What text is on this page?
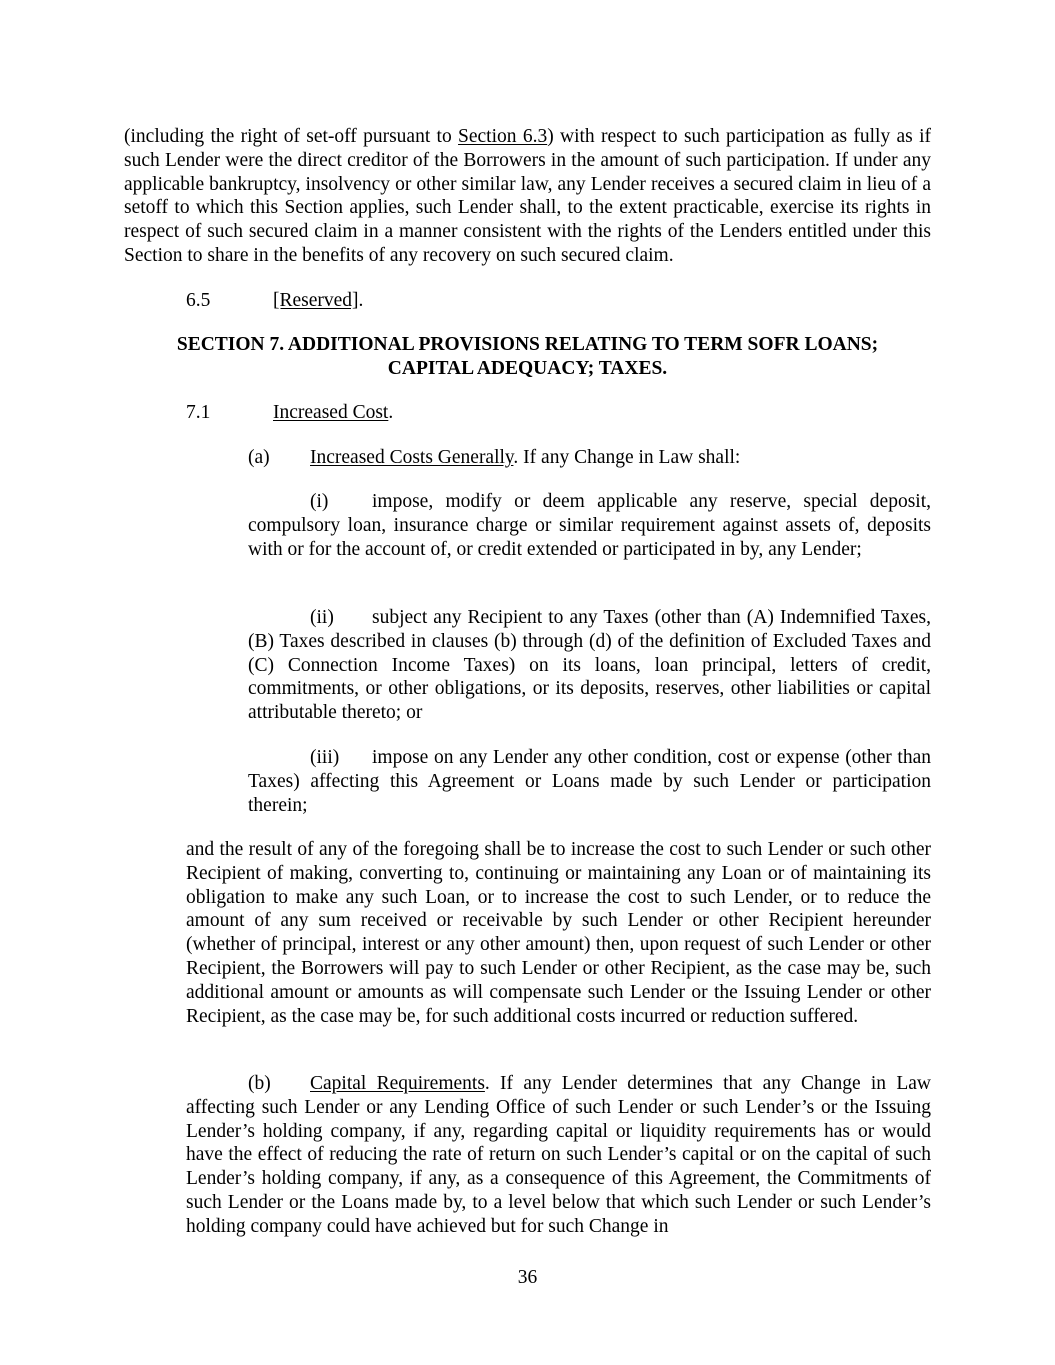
(including the right of set-off pursuant to Section 6.3) with respect to such participation as fully as if such Lender were the direct creditor of the Borrowers in the amount of such participation. If under any applicable bankruptcy, insolvency or other similar law, any Lender receives a secured claim in lieu of a setoff to which this Section applies, such Lender shall, to the extent practicable, exercise its rights in respect of such secured claim in a manner consistent with the rights of the Lenders entitled under this Section to share in the benefits of any recovery on such secured claim.

6.5	[Reserved].

SECTION 7. ADDITIONAL PROVISIONS RELATING TO TERM SOFR LOANS;

CAPITAL ADEQUACY; TAXES.

7.1	Increased Cost.

(a) Increased Costs Generally. If any Change in Law shall:

(i) impose, modify or deem applicable any reserve, special deposit, compulsory loan, insurance charge or similar requirement against assets of, deposits with or for the account of, or credit extended or participated in by, any Lender;

(ii) subject any Recipient to any Taxes (other than (A) Indemnified Taxes, (B) Taxes described in clauses (b) through (d) of the definition of Excluded Taxes and (C) Connection Income Taxes) on its loans, loan principal, letters of credit, commitments, or other obligations, or its deposits, reserves, other liabilities or capital attributable thereto; or

(iii) impose on any Lender any other condition, cost or expense (other than Taxes) affecting this Agreement or Loans made by such Lender or participation therein;

and the result of any of the foregoing shall be to increase the cost to such Lender or such other Recipient of making, converting to, continuing or maintaining any Loan or of maintaining its obligation to make any such Loan, or to increase the cost to such Lender, or to reduce the amount of any sum received or receivable by such Lender or other Recipient hereunder (whether of principal, interest or any other amount) then, upon request of such Lender or other Recipient, the Borrowers will pay to such Lender or other Recipient, as the case may be, such additional amount or amounts as will compensate such Lender or the Issuing Lender or other Recipient, as the case may be, for such additional costs incurred or reduction suffered.

(b) Capital Requirements. If any Lender determines that any Change in Law affecting such Lender or any Lending Office of such Lender or such Lender’s or the Issuing Lender’s holding company, if any, regarding capital or liquidity requirements has or would have the effect of reducing the rate of return on such Lender’s capital or on the capital of such Lender’s holding company, if any, as a consequence of this Agreement, the Commitments of such Lender or the Loans made by, to a level below that which such Lender or such Lender’s holding company could have achieved but for such Change in

36
